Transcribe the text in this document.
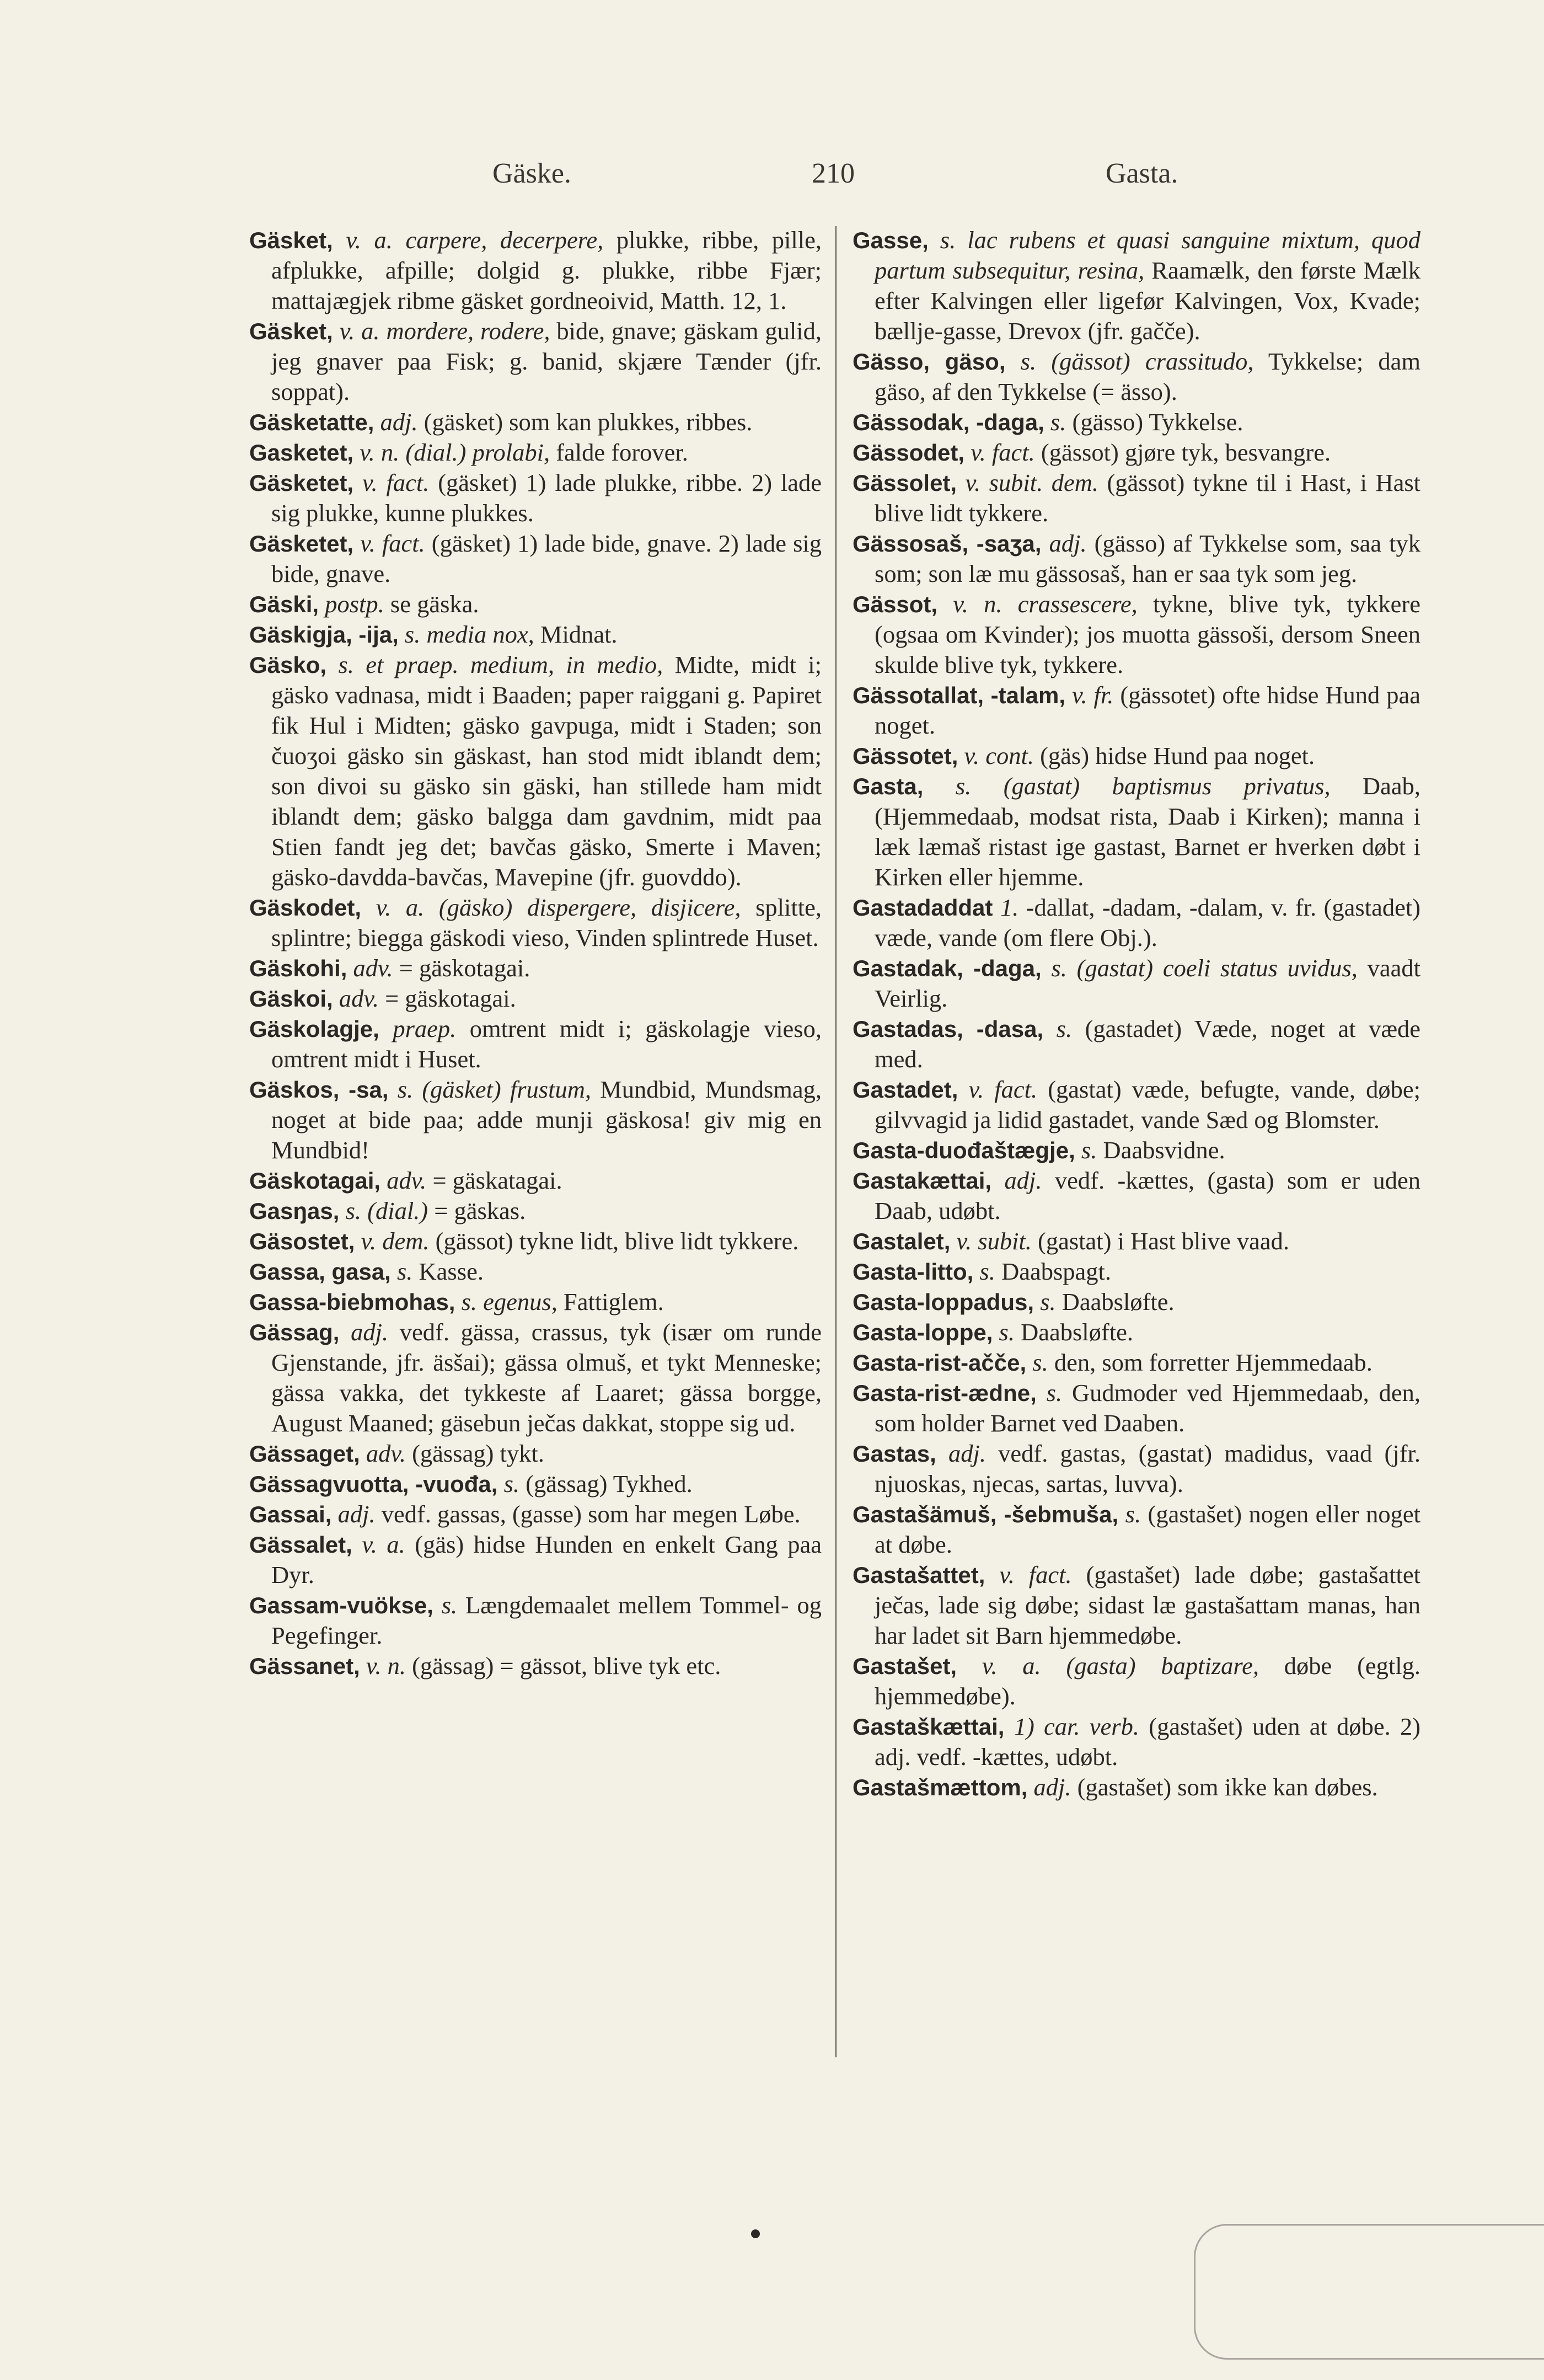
Gäske.	210	Gasta.
Gäsket, v. a. carpere, decerpere, plukke, ribbe, pille, afplukke, afpille; dolgid g. plukke, ribbe Fjær; mattajægjek ribme gäsket gordneoivid, Matth. 12, 1.
Gäsket, v. a. mordere, rodere, bide, gnave; gäskam gulid, jeg gnaver paa Fisk; g. banid, skjære Tænder (jfr. soppat).
Gäsketatte, adj. (gäsket) som kan plukkes, ribbes.
Gasketet, v. n. (dial.) prolabi, falde forover.
Gäsketet, v. fact. (gäsket) 1) lade plukke, ribbe. 2) lade sig plukke, kunne plukkes.
Gäsketet, v. fact. (gäsket) 1) lade bide, gnave. 2) lade sig bide, gnave.
Gäski, postp. se gäska.
Gäskigja, -ija, s. media nox, Midnat.
Gäsko, s. et praep. medium, in medio, Midte, midt i; gäsko vadnasa, midt i Baaden; paper raiggani g. Papiret fik Hul i Midten; gäsko gavpuga, midt i Staden; son čuoʒoi gäsko sin gäskast, han stod midt iblandt dem; son divoi su gäsko sin gäski, han stillede ham midt iblandt dem; gäsko balgga dam gavdnim, midt paa Stien fandt jeg det; bavčas gäsko, Smerte i Maven; gäsko-davdda-bavčas, Mavepine (jfr. guovddo).
Gäskodet, v. a. (gäsko) dispergere, disjicere, splitte, splintre; biegga gäskodi vieso, Vinden splintrede Huset.
Gäskohi, adv. = gäskotagai.
Gäskoi, adv. = gäskotagai.
Gäskolagje, praep. omtrent midt i; gäskolagje vieso, omtrent midt i Huset.
Gäskos, -sa, s. (gäsket) frustum, Mundbid, Mundsmag, noget at bide paa; adde munji gäskosa! giv mig en Mundbid!
Gäskotagai, adv. = gäskatagai.
Gasŋas, s. (dial.) = gäskas.
Gäsostet, v. dem. (gässot) tykne lidt, blive lidt tykkere.
Gassa, gasa, s. Kasse.
Gassa-biebmohas, s. egenus, Fattiglem.
Gässag, adj. vedf. gässa, crassus, tyk (især om runde Gjenstande, jfr. äsšai); gässa olmuš, et tykt Menneske; gässa vakka, det tykkeste af Laaret; gässa borgge, August Maaned; gäsebun ječas dakkat, stoppe sig ud.
Gässaget, adv. (gässag) tykt.
Gässagvuotta, -vuođa, s. (gässag) Tykhed.
Gassai, adj. vedf. gassas, (gasse) som har megen Løbe.
Gässalet, v. a. (gäs) hidse Hunden en enkelt Gang paa Dyr.
Gassam-vuökse, s. Længdemaalet mellem Tommel- og Pegefinger.
Gässanet, v. n. (gässag) = gässot, blive tyk etc.
Gasse, s. lac rubens et quasi sanguine mixtum, quod partum subsequitur, resina, Raamælk, den første Mælk efter Kalvingen eller ligefør Kalvingen, Vox, Kvade; bællje-gasse, Drevox (jfr. gačče).
Gässo, gäso, s. (gässot) crassitudo, Tykkelse; dam gäso, af den Tykkelse (= ässo).
Gässodak, -daga, s. (gässo) Tykkelse.
Gässodet, v. fact. (gässot) gjøre tyk, besvangre.
Gässolet, v. subit. dem. (gässot) tykne til i Hast, i Hast blive lidt tykkere.
Gässosaš, -saʒa, adj. (gässo) af Tykkelse som, saa tyk som; son læ mu gässosaš, han er saa tyk som jeg.
Gässot, v. n. crassescere, tykne, blive tyk, tykkere (ogsaa om Kvinder); jos muotta gässoši, dersom Sneen skulde blive tyk, tykkere.
Gässotallat, -talam, v. fr. (gässotet) ofte hidse Hund paa noget.
Gässotet, v. cont. (gäs) hidse Hund paa noget.
Gasta, s. (gastat) baptismus privatus, Daab, (Hjemmedaab, modsat rista, Daab i Kirken); manna i læk læmaš ristast ige gastast, Barnet er hverken døbt i Kirken eller hjemme.
Gastadaddat 1. -dallat, -dadam, -dalam, v. fr. (gastadet) væde, vande (om flere Obj.).
Gastadak, -daga, s. (gastat) coeli status uvidus, vaadt Veirlig.
Gastadas, -dasa, s. (gastadet) Væde, noget at væde med.
Gastadet, v. fact. (gastat) væde, befugte, vande, døbe; gilvvagid ja lidid gastadet, vande Sæd og Blomster.
Gasta-duođaštægje, s. Daabsvidne.
Gastakættai, adj. vedf. -kættes, (gasta) som er uden Daab, udøbt.
Gastalet, v. subit. (gastat) i Hast blive vaad.
Gasta-litto, s. Daabspagt.
Gasta-loppadus, s. Daabsløfte.
Gasta-loppe, s. Daabsløfte.
Gasta-rist-ačče, s. den, som forretter Hjemmedaab.
Gasta-rist-ædne, s. Gudmoder ved Hjemmedaab, den, som holder Barnet ved Daaben.
Gastas, adj. vedf. gastas, (gastat) madidus, vaad (jfr. njuoskas, njecas, sartas, luvva).
Gastašämuš, -šebmuša, s. (gastašet) nogen eller noget at døbe.
Gastašattet, v. fact. (gastašet) lade døbe; gastašattet ječas, lade sig døbe; sidast læ gastašattam manas, han har ladet sit Barn hjemmedøbe.
Gastašet, v. a. (gasta) baptizare, døbe (egtlg. hjemmedøbe).
Gastaškættai, 1) car. verb. (gastašet) uden at døbe. 2) adj. vedf. -kættes, udøbt.
Gastašmættom, adj. (gastašet) som ikke kan døbes.
